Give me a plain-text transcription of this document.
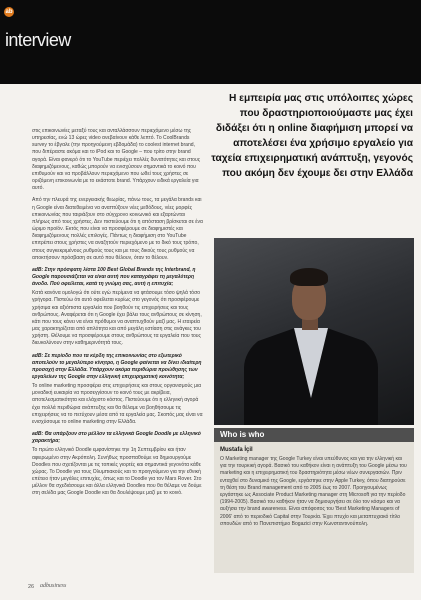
ab
interview
Η εμπειρία μας στις υπόλοιπες χώρες που δραστηριοποιούμαστε μας έχει διδάξει ότι η online διαφήμιση μπορεί να αποτελέσει ένα χρήσιμο εργαλείο για ταχεία επιχειρηματική ανάπτυξη, γεγονός που ακόμη δεν έχουμε δει στην Ελλάδα

στις επικοινωνίες μεταξύ τους και ανταλλάσσουν περιεχόμενο μέσω της υπηρεσίας, ενώ 13 ώρες video ανεβαίνουν κάθε λεπτό. Το CoolBrands survey το έβγαλε (την προηγούμενη εβδομάδα) το coolest internet brand, που διπέραστε ακόμα και το iPod και το Google – που τρίτο στην brand αγορά. Είναι φανερό ότι το YouTube περιέχει πολλές δυνατότητες και στους διαφημιζόμενους, καθώς μπορούν να ενισχύσουν σημαντικά το κοινό που επιθυμούν και να προβάλλουν περιεχόμενο που ωθεί τους χρήστες σε οριζόμενη επικοινωνία με το εκάστοτε brand. Υπάρχουν ειδικά εργαλεία για αυτό.

Από την πλευρά της ενεργειακής θεωρίας, πάνω τους, τα μεγάλα brands και η Google είναι διατεθειμένα να αναπτύξουν νέες μεθόδους, νέες μορφές επικοινωνίας που ταιριάζουν στο σύγχρονο κοινωνικό και εξαρτώνται πλήρως από τους χρήστες. Δεν πιστεύουμε ότι η απόσταση βρίσκεται σε ένα ώριμο προϊόν. Εκτός που είναι να προσφέρουμε σε διαφημιστές και διαφημιζόμενους πολλές επιλογές. Πάντως η διαφήμιση στο YouTube επιτρέπει στους χρήστες να αναζητούν περιεχόμενο με το δικό τους τρόπο, στους συγκεκριμένους ρυθμούς τους και με τους δικούς τους ρυθμούς να αποκτήσουν πρόσβαση σε αυτό που θέλουν, όταν το θέλουν.

adB: Στην πρόσφατη λίστα 100 Best Global Brands της Interbrand, η Google παρουσιάζεται να είναι αυτή που καταγράφει τη μεγαλύτερη άνοδο. Πού οφείλεται, κατά τη γνώμη σας, αυτή η επιτυχία;

Κατά κανόνα ομολογώ ότι ούτε εγώ περίμενα να φτάσουμε τόσο ψηλά τόσο γρήγορα. Πιστεύω ότι αυτό οφείλεται κυρίως στο γεγονός ότι προσφέρουμε χρήσιμα και αξιόπιστα εργαλεία που βοηθούν τις επιχειρήσεις και τους ανθρώπους. Αναφέρεται ότι η Google έχει βάλει τους ανθρώπους σε κίνηση, κάτι που τους κάνει να είναι πρόθυμοι να αναπτυχθούν μαζί μας. Η εταιρεία μας χαρακτηρίζεται από απλότητα και από μεγάλη εστίαση στις ανάγκες του χρήστη. Θέλουμε να προσφέρουμε στους ανθρώπους τα εργαλεία που τους διευκολύνουν στην καθημερινότητά τους.

adB: Σε περίοδο που τα κέρδη της επικοινωνίας στο εξωτερικό αποτελούν το μεγαλύτερο κίνητρο, η Google φαίνεται να δίνει ιδιαίτερη προσοχή στην Ελλάδα. Υπάρχουν ακόμα περιθώρια προώθησης των εργαλείων της Google στην ελληνική επιχειρηματική κοινότητα;

Το online marketing προσφέρει στις επιχειρήσεις και στους οργανισμούς μια μοναδική ευκαιρία να προσεγγίσουν το κοινό τους με ακρίβεια, αποτελεσματικότητα και ελάχιστο κόστος. Πιστεύουμε ότι η ελληνική αγορά έχει πολλά περιθώρια ανάπτυξης και θα θέλαμε να βοηθήσουμε τις επιχειρήσεις να το πετύχουν μέσα από τα εργαλεία μας. Σκοπός μας είναι να ενισχύσουμε το online marketing στην Ελλάδα.

adB: Θα υπάρξουν στο μέλλον τα ελληνικά Google Doodle με ελληνικό χαρακτήρα;

Το πρώτο ελληνικό Doodle εμφανίστηκε την 1η Σεπτεμβρίου και ήταν αφιερωμένο στην Ακρόπολη. Συνήθως προσπαθούμε να δημιουργούμε Doodles που σχετίζονται με τις τοπικές γιορτές και σημαντικά γεγονότα κάθε χώρας. Το Doodle για τους Ολυμπιακούς και το προηγούμενο για την εθνική επέτειο ήταν μεγάλες επιτυχίες, όπως και το Doodle για τον Mars Rover. Στο μέλλον θα σχεδιάσουμε και άλλα ελληνικά Doodles που θα θέλαμε να δούμε στη σελίδα μας Google Doodle και θα δουλέψουμε μαζί με το κοινό.

Who is who
Mustafa İçil

Ο Marketing manager της Google Turkey είναι υπεύθυνος και για την ελληνική και για την τουρκική αγορά. Βασικό του καθήκον είναι η ανάπτυξη του Google μέσω του marketing και η επιχειρηματική του δραστηριότητα μέσω νέων συνεργασιών. Πριν ενταχθεί στο δυναμικό της Google, εργάστηκε στην Apple Turkey, όπου διατηρούσε τη θέση του Brand management από το 2005 έως το 2007. Προηγουμένως εργάστηκε ως Associate Product Marketing manager στη Microsoft για την περίοδο (1994-2005). Βασικό του καθήκον ήταν να δημιουργήσει σε όλο τον κόσμο και να αυξήσει την brand awareness. Είναι απόφοιτος του 'Best Marketing Managers of 2006' από το περιοδικό Capital στην Τουρκία. Έχει πτυχίο και μεταπτυχιακό τίτλο σπουδών από το Πανεπιστήμιο Bogazici στην Κωνσταντινούπολη.

26 adbusiness
